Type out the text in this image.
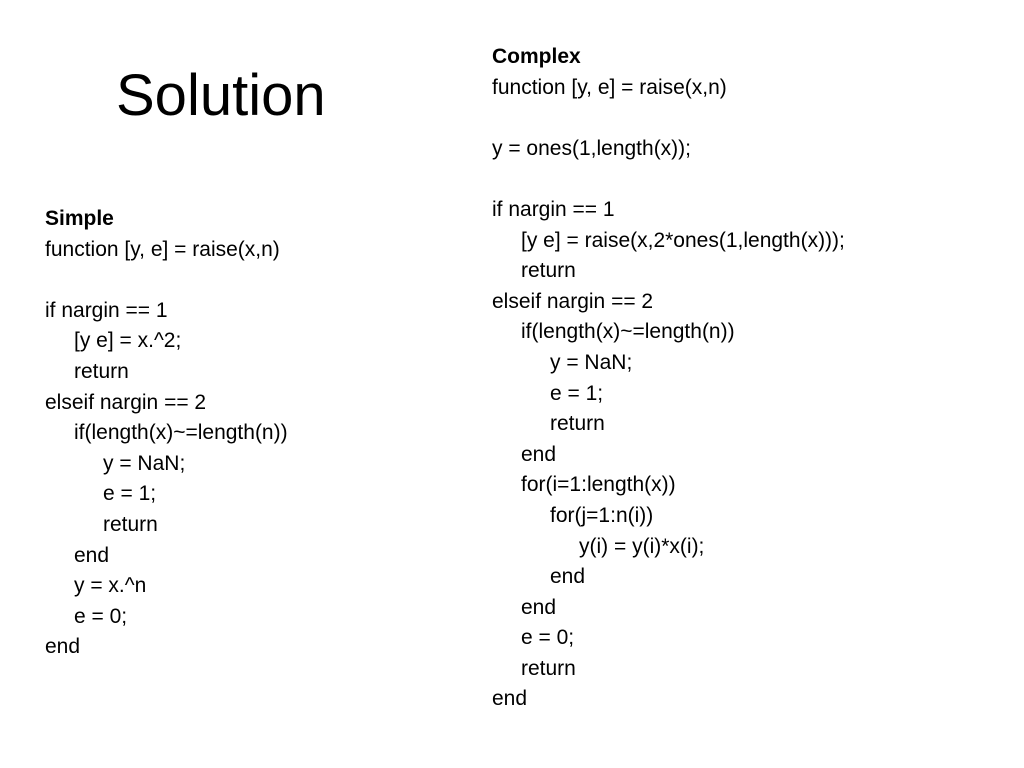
Solution
Simple
function [y, e] = raise(x,n)
if nargin == 1
[y e] = x.^2;
return
elseif nargin == 2
if(length(x)~=length(n))
y = NaN;
e = 1;
return
end
y = x.^n
e = 0;
end
Complex
function [y, e] = raise(x,n)
y = ones(1,length(x));
if nargin == 1
[y e] = raise(x,2*ones(1,length(x)));
return
elseif nargin == 2
if(length(x)~=length(n))
y = NaN;
e = 1;
return
end
for(i=1:length(x))
for(j=1:n(i))
y(i) = y(i)*x(i);
end
end
e = 0;
return
end
